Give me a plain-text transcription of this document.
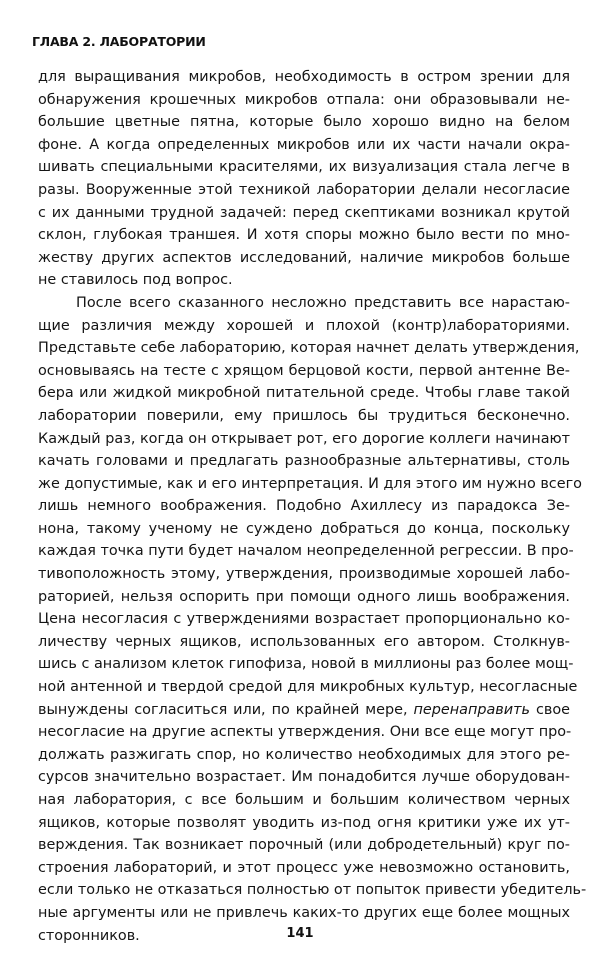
ГЛАВА 2. ЛАБОРАТОРИИ
для выращивания микробов, необходимость в остром зрении для
обнаружения крошечных микробов отпала: они образовывали не-
большие цветные пятна, которые было хорошо видно на белом
фоне. А когда определенных микробов или их части начали окра-
шивать специальными красителями, их визуализация стала легче в
разы. Вооруженные этой техникой лаборатории делали несогласие
с их данными трудной задачей: перед скептиками возникал крутой
склон, глубокая траншея. И хотя споры можно было вести по мно-
жеству других аспектов исследований, наличие микробов больше
не ставилось под вопрос.
После всего сказанного несложно представить все нарастаю-
щие различия между хорошей и плохой (контр)лабораториями.
Представьте себе лабораторию, которая начнет делать утверждения,
основываясь на тесте с хрящом берцовой кости, первой антенне Ве-
бера или жидкой микробной питательной среде. Чтобы главе такой
лаборатории поверили, ему пришлось бы трудиться бесконечно.
Каждый раз, когда он открывает рот, его дорогие коллеги начинают
качать головами и предлагать разнообразные альтернативы, столь
же допустимые, как и его интерпретация. И для этого им нужно всего
лишь немного воображения. Подобно Ахиллесу из парадокса Зе-
нона, такому ученому не суждено добраться до конца, поскольку
каждая точка пути будет началом неопределенной регрессии. В про-
тивоположность этому, утверждения, производимые хорошей лабо-
раторией, нельзя оспорить при помощи одного лишь воображения.
Цена несогласия с утверждениями возрастает пропорционально ко-
личеству черных ящиков, использованных его автором. Столкнув-
шись с анализом клеток гипофиза, новой в миллионы раз более мощ-
ной антенной и твердой средой для микробных культур, несогласные
вынуждены согласиться или, по крайней мере, перенаправить свое
несогласие на другие аспекты утверждения. Они все еще могут про-
должать разжигать спор, но количество необходимых для этого ре-
сурсов значительно возрастает. Им понадобится лучше оборудован-
ная лаборатория, с все большим и большим количеством черных
ящиков, которые позволят уводить из-под огня критики уже их ут-
верждения. Так возникает порочный (или добродетельный) круг по-
строения лабораторий, и этот процесс уже невозможно остановить,
если только не отказаться полностью от попыток привести убедитель-
ные аргументы или не привлечь каких-то других еще более мощных
сторонников.	141
